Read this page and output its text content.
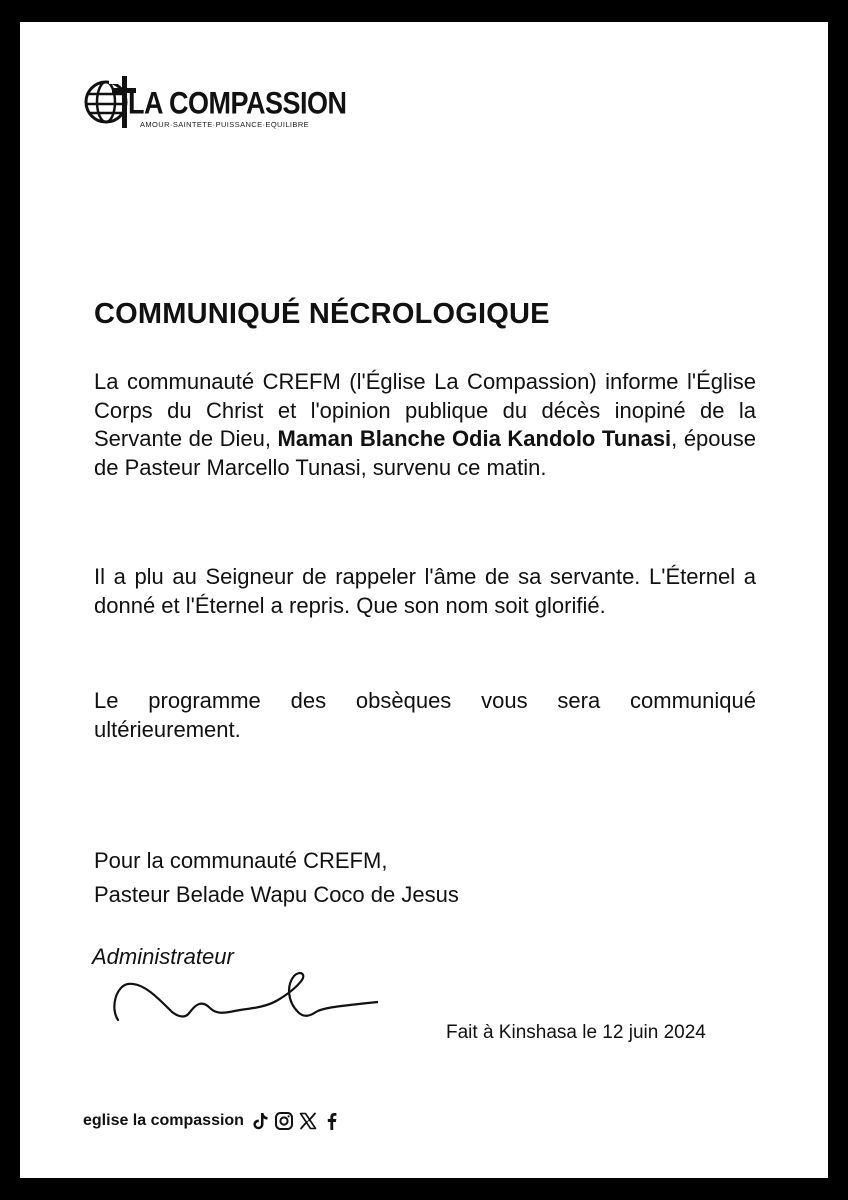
LA COMPASSION
AMOUR·SAINTETE·PUISSANCE·EQUILIBRE
COMMUNIQUÉ NÉCROLOGIQUE

La communauté CREFM (l'Église La Compassion) informe l'Église Corps du Christ et l'opinion publique du décès inopiné de la Servante de Dieu, Maman Blanche Odia Kandolo Tunasi, épouse de Pasteur Marcello Tunasi, survenu ce matin.

Il a plu au Seigneur de rappeler l'âme de sa servante. L'Éternel a donné et l'Éternel a repris. Que son nom soit glorifié.

Le programme des obsèques vous sera communiqué ultérieurement.

Pour la communauté CREFM,

Pasteur Belade Wapu Coco de Jesus

Administrateur
Fait à Kinshasa le 12 juin 2024
eglise la compassion
